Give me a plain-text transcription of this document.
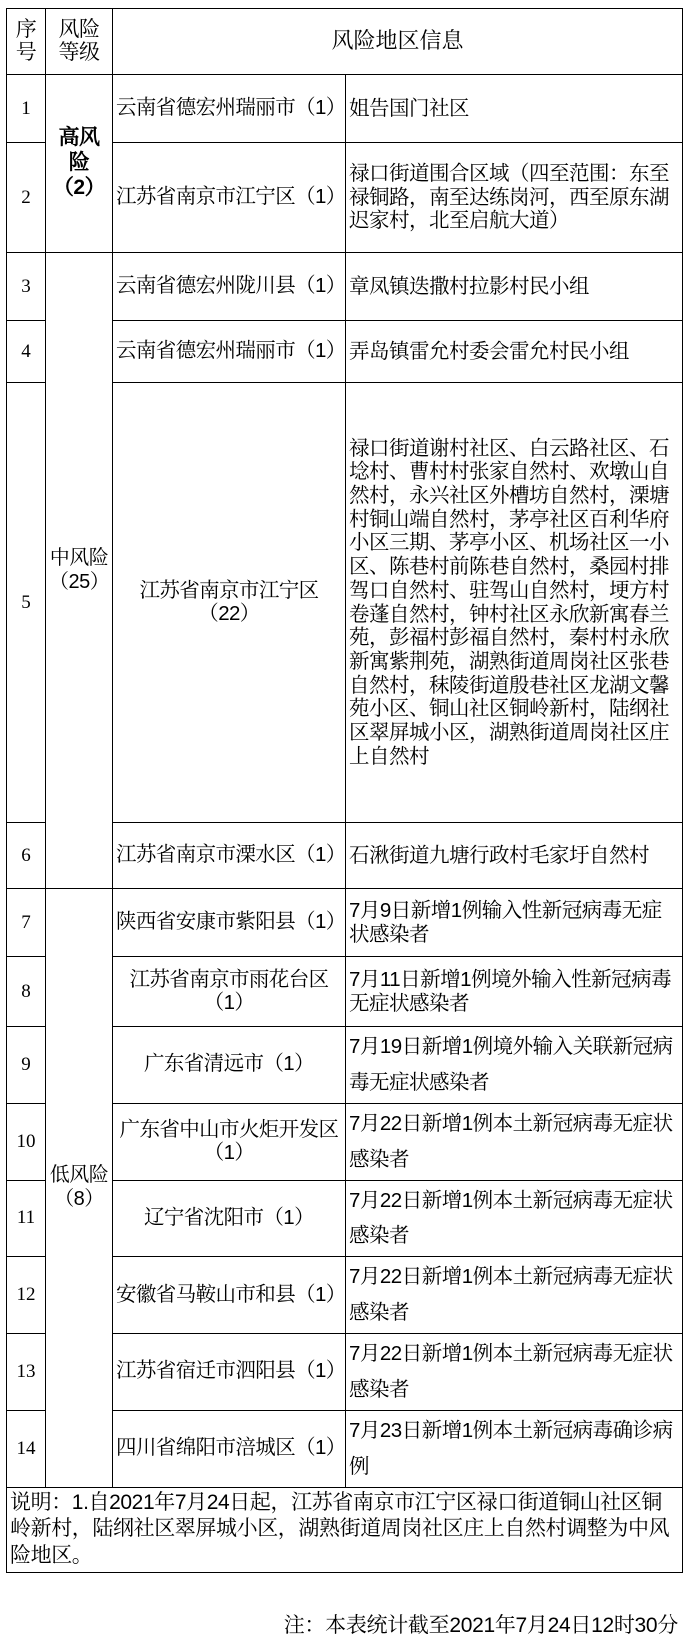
序号	风险等级	风险地区信息	
1	高风险（2）	云南省德宏州瑞丽市（1）	姐告国门社区
2		江苏省南京市江宁区（1）	禄口街道围合区域（四至范围：东至禄铜路，南至达练岗河，西至原东湖迟家村，北至启航大道）
3	中风险（25）	云南省德宏州陇川县（1）	章凤镇迭撒村拉影村民小组
4		云南省德宏州瑞丽市（1）	弄岛镇雷允村委会雷允村民小组
5		江苏省南京市江宁区（22）	禄口街道谢村社区、白云路社区、石埝村、曹村村张家自然村、欢墩山自然村，永兴社区外槽坊自然村，溧塘村铜山端自然村，茅亭社区百利华府小区三期、茅亭小区、机场社区一小区、陈巷村前陈巷自然村，桑园村排驾口自然村、驻驾山自然村，埂方村卷蓬自然村，钟村社区永欣新寓春兰苑，彭福村彭福自然村，秦村村永欣新寓紫荆苑，湖熟街道周岗社区张巷自然村，秣陵街道殷巷社区龙湖文馨苑小区、铜山社区铜岭新村，陆纲社区翠屏城小区，湖熟街道周岗社区庄上自然村
6		江苏省南京市溧水区（1）	石湫街道九塘行政村毛家圩自然村
7	低风险（8）	陕西省安康市紫阳县（1）	7月9日新增1例输入性新冠病毒无症状感染者
8		江苏省南京市雨花台区（1）	7月11日新增1例境外输入性新冠病毒无症状感染者
9		广东省清远市（1）	7月19日新增1例境外输入关联新冠病毒无症状感染者
10		广东省中山市火炬开发区（1）	7月22日新增1例本土新冠病毒无症状感染者
11		辽宁省沈阳市（1）	7月22日新增1例本土新冠病毒无症状感染者
12		安徽省马鞍山市和县（1）	7月22日新增1例本土新冠病毒无症状感染者
13		江苏省宿迁市泗阳县（1）	7月22日新增1例本土新冠病毒无症状感染者
14		四川省绵阳市涪城区（1）	7月23日新增1例本土新冠病毒确诊病例
说明：1.自2021年7月24日起，江苏省南京市江宁区禄口街道铜山社区铜岭新村，陆纲社区翠屏城小区，湖熟街道周岗社区庄上自然村调整为中风险地区。			
注：本表统计截至2021年7月24日12时30分
